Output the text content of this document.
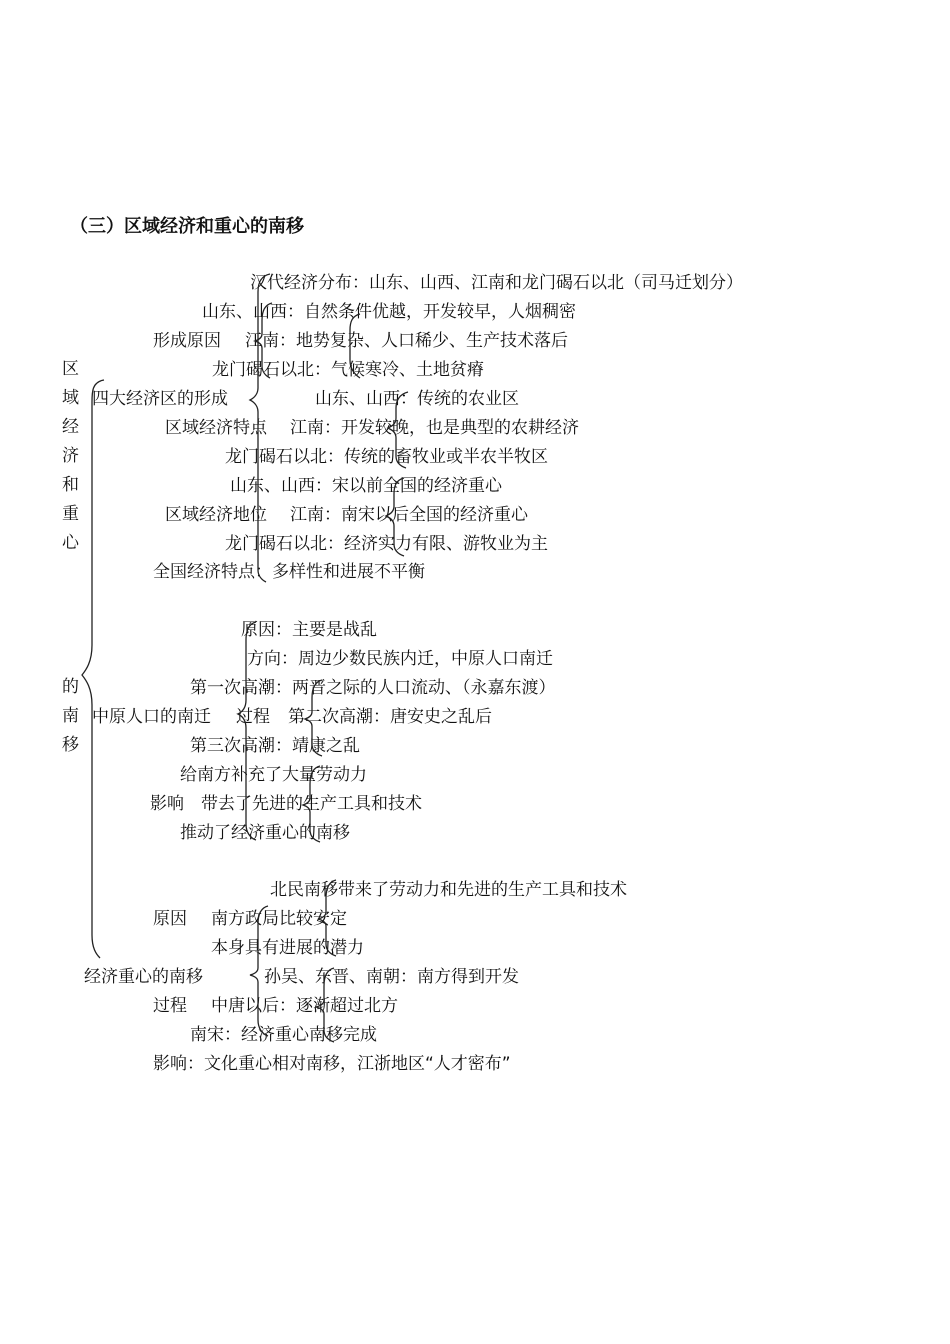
（三）区域经济和重心的南移
区
域
经
济
和
重
心
的
南
移
汉代经济分布：山东、山西、江南和龙门碣石以北（司马迁划分）
山东、山西：自然条件优越，开发较早，人烟稠密
形成原因 江南：地势复杂、人口稀少、生产技术落后
龙门碣石以北：气候寒冷、土地贫瘠
四大经济区的形成	山东、山西：传统的农业区
区域经济特点 江南：开发较晚，也是典型的农耕经济
龙门碣石以北：传统的畜牧业或半农半牧区
山东、山西：宋以前全国的经济重心
区域经济地位 江南：南宋以后全国的经济重心
龙门碣石以北：经济实力有限、游牧业为主
全国经济特点：多样性和进展不平衡
原因：主要是战乱
方向：周边少数民族内迁，中原人口南迁
第一次高潮：两晋之际的人口流动、（永嘉东渡）
中原人口的南迁 过程 第二次高潮：唐安史之乱后
第三次高潮：靖康之乱
给南方补充了大量劳动力
影响 带去了先进的生产工具和技术
推动了经济重心的南移
北民南移带来了劳动力和先进的生产工具和技术
原因 南方政局比较安定
本身具有进展的潜力
经济重心的南移	孙吴、东晋、南朝：南方得到开发
过程 中唐以后：逐渐超过北方
南宋：经济重心南移完成
影响：文化重心相对南移，江浙地区“人才密布”
